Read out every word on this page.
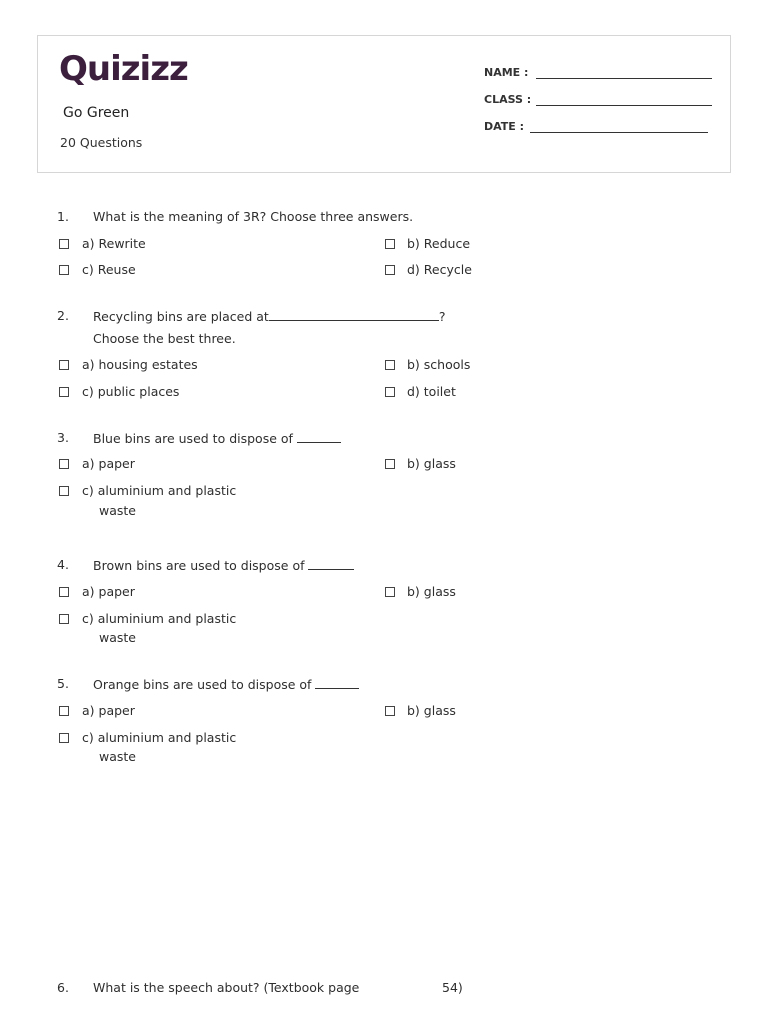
Quizizz
Go Green
20 Questions
NAME :
CLASS :
DATE :
1. What is the meaning of 3R? Choose three answers.
a) Rewrite	b) Reduce
c) Reuse	d) Recycle
2. Recycling bins are placed at	?
Choose the best three.
a) housing estates	b) schools
c) public places	d) toilet
3. Blue bins are used to dispose of
a) paper	b) glass
c) aluminium and plastic
waste
4. Brown bins are used to dispose of
a) paper	b) glass
c) aluminium and plastic
waste
5. Orange bins are used to dispose of
a) paper	b) glass
c) aluminium and plastic
waste
6. What is the speech about? (Textbook page	54)
